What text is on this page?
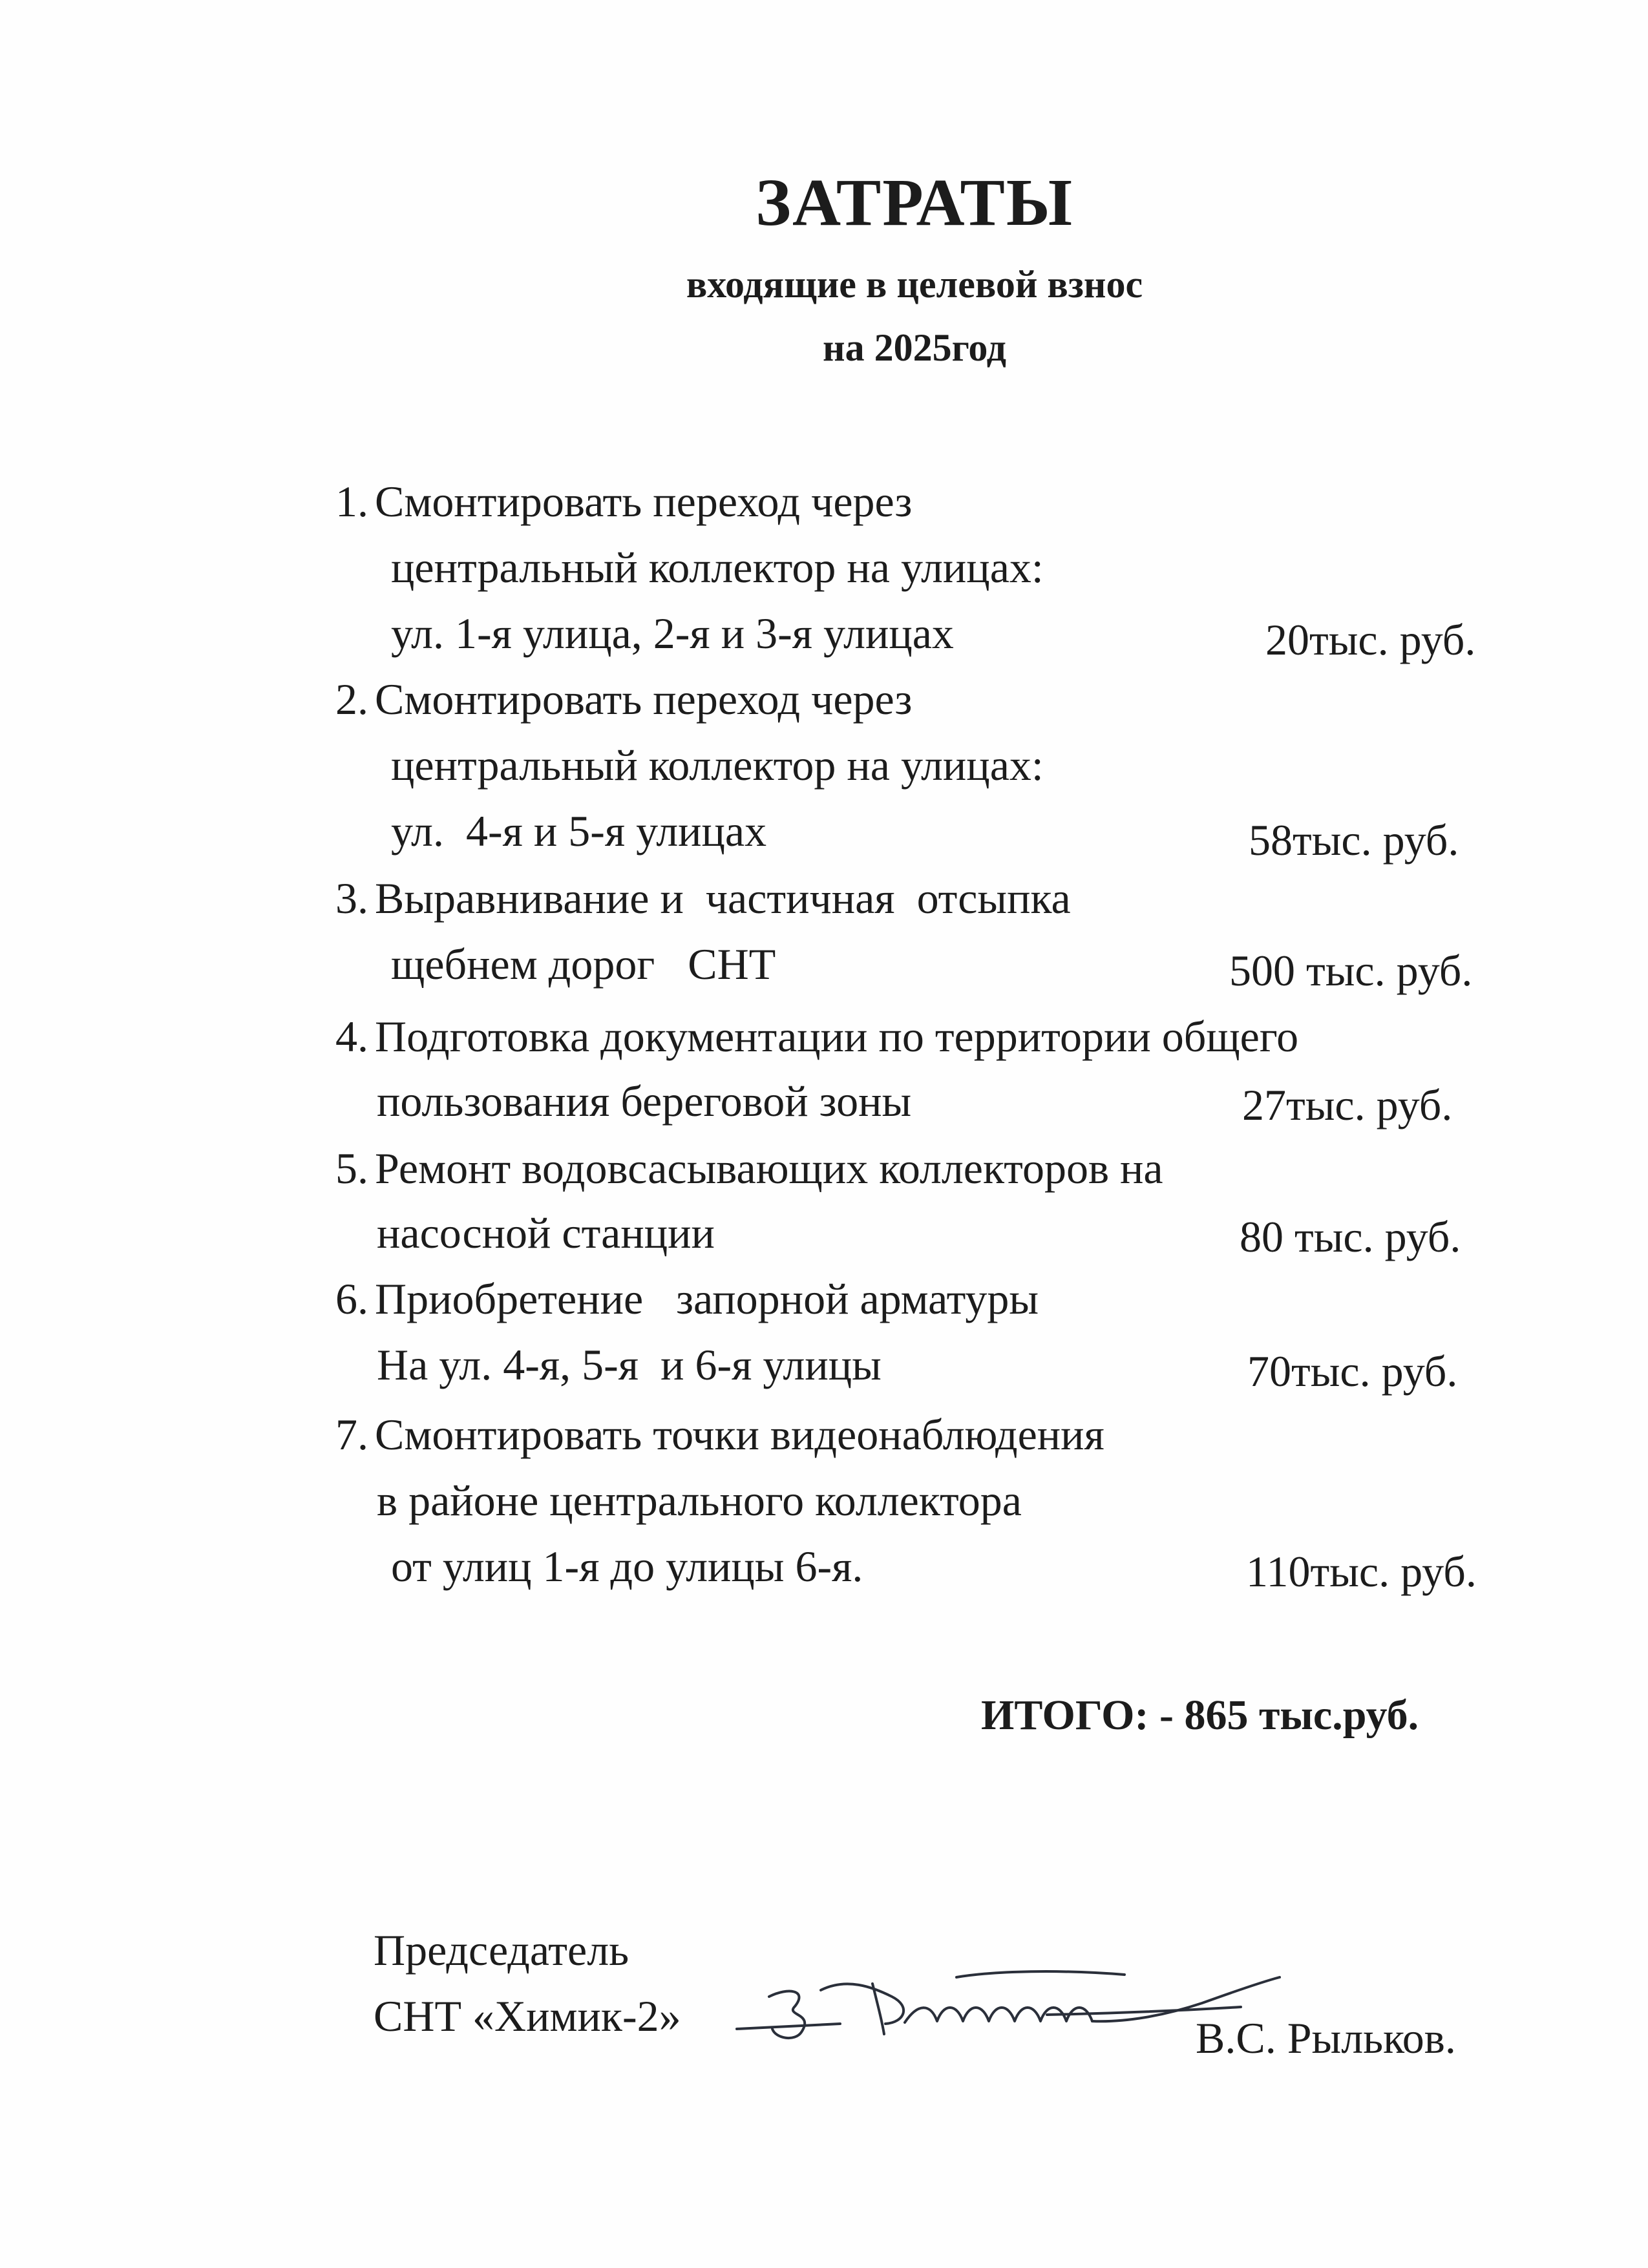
ЗАТРАТЫ
входящие в целевой взнос
на 2025год
1. Смонтировать переход через
центральный коллектор на улицах:
ул. 1-я улица, 2-я и 3-я улицах	20тыс. руб.
2. Смонтировать переход через
центральный коллектор на улицах:
ул.  4-я и 5-я улицах	58тыс. руб.
3. Выравнивание и  частичная  отсыпка
щебнем дорог   СНТ	500 тыс. руб.
4. Подготовка документации по территории общего
пользования береговой зоны	27тыс. руб.
5. Ремонт водовсасывающих коллекторов на
насосной станции	80 тыс. руб.
6. Приобретение   запорной арматуры
На ул. 4-я, 5-я  и 6-я улицы	70тыс. руб.
7. Смонтировать точки видеонаблюдения
в районе центрального коллектора
от улиц 1-я до улицы 6-я.	110тыс. руб.
ИТОГО: - 865 тыс.руб.
Председатель
СНТ «Химик-2»	В.С. Рыльков.
